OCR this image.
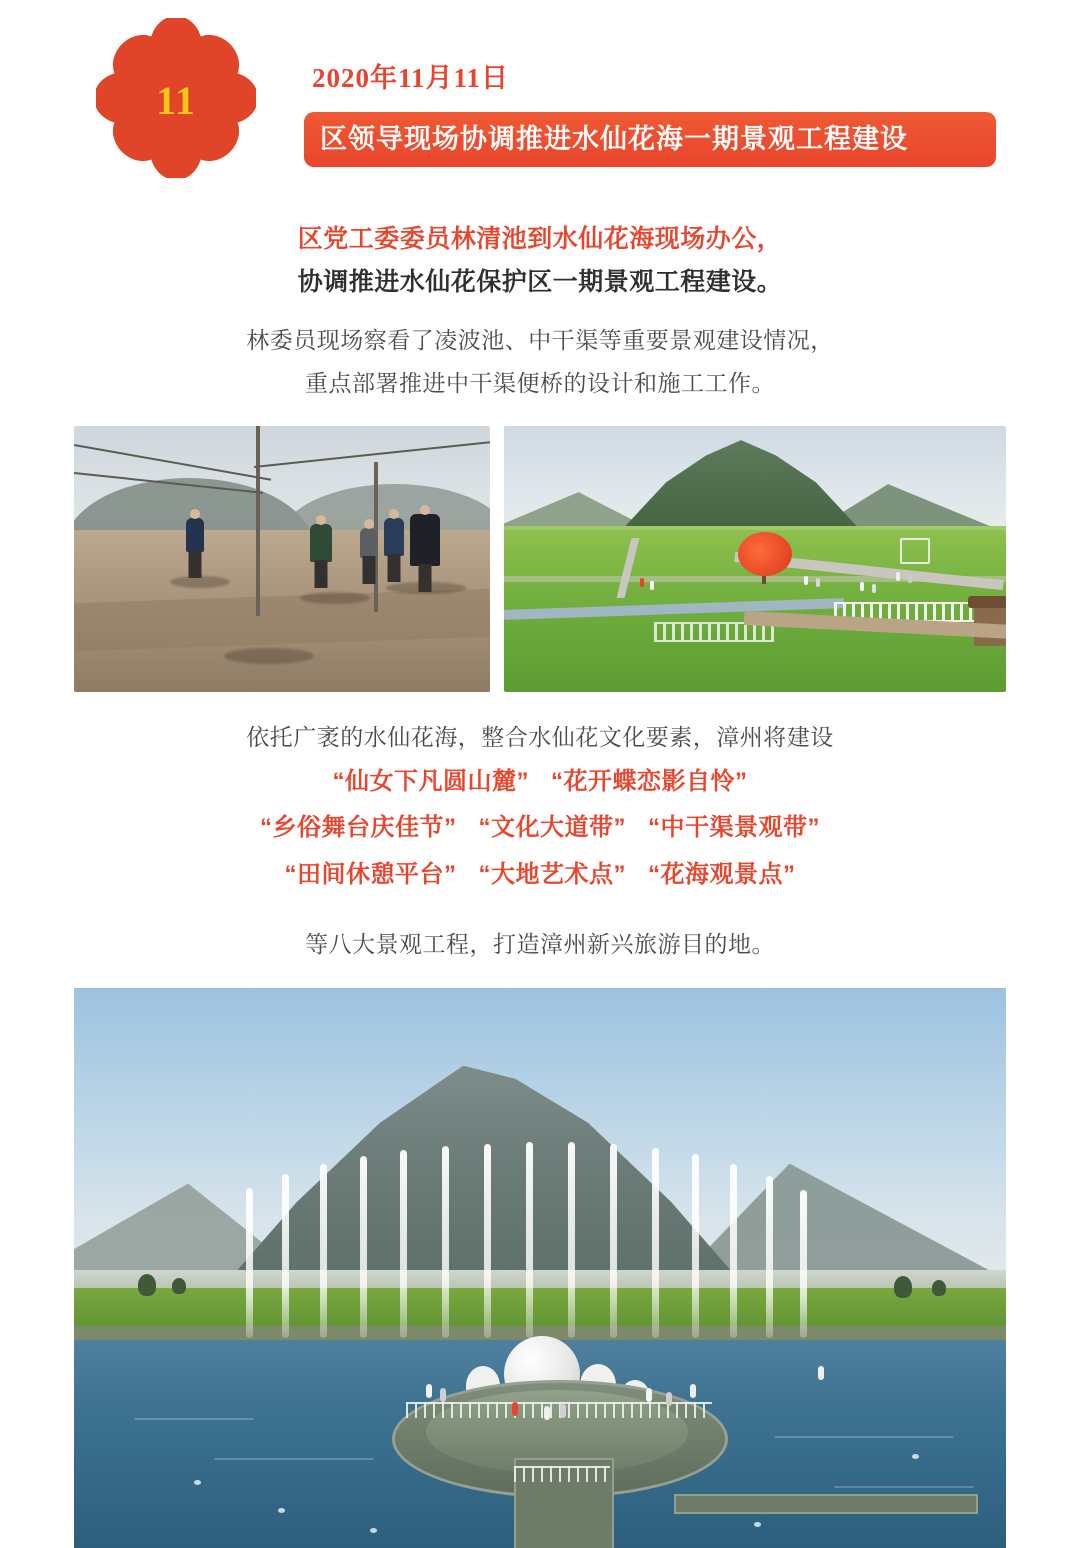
11	2020年11月11日
区领导现场协调推进水仙花海一期景观工程建设
区党工委委员林清池到水仙花海现场办公，
协调推进水仙花保护区一期景观工程建设。
林委员现场察看了凌波池、中干渠等重要景观建设情况，
重点部署推进中干渠便桥的设计和施工工作。
依托广袤的水仙花海，整合水仙花文化要素，漳州将建设
“仙女下凡圆山麓” “花开蝶恋影自怜”
“乡俗舞台庆佳节” “文化大道带” “中干渠景观带”
“田间休憩平台” “大地艺术点” “花海观景点”
等八大景观工程，打造漳州新兴旅游目的地。
